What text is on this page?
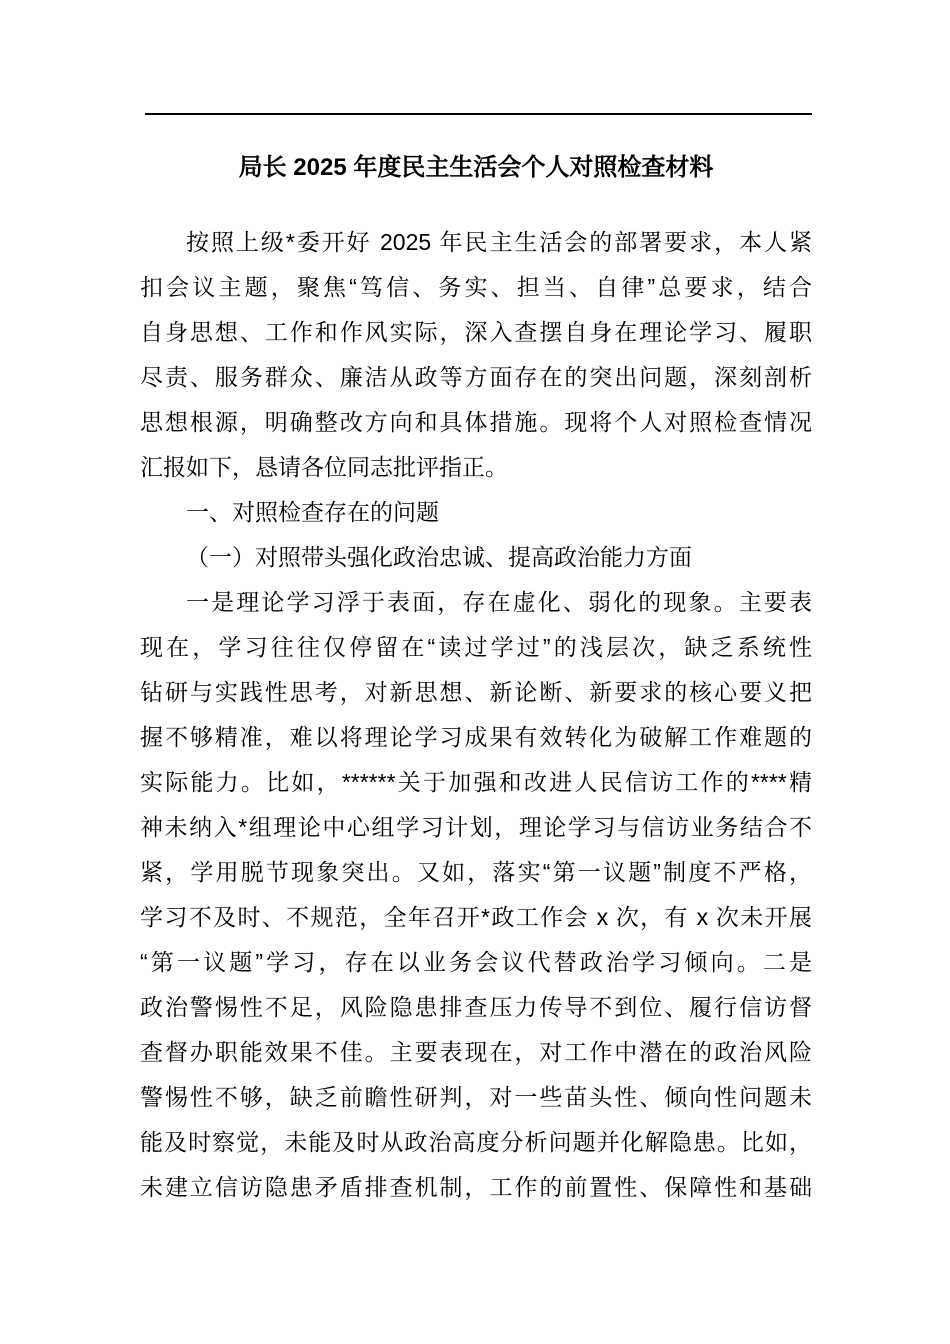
局长 2025 年度民主生活会个人对照检查材料
按照上级*委开好 2025 年民主生活会的部署要求，本人紧
扣会议主题，聚焦“笃信、务实、担当、自律”总要求，结合
自身思想、工作和作风实际，深入查摆自身在理论学习、履职
尽责、服务群众、廉洁从政等方面存在的突出问题，深刻剖析
思想根源，明确整改方向和具体措施。现将个人对照检查情况
汇报如下，恳请各位同志批评指正。
一、对照检查存在的问题
（一）对照带头强化政治忠诚、提高政治能力方面
一是理论学习浮于表面，存在虚化、弱化的现象。主要表
现在，学习往往仅停留在“读过学过”的浅层次，缺乏系统性
钻研与实践性思考，对新思想、新论断、新要求的核心要义把
握不够精准，难以将理论学习成果有效转化为破解工作难题的
实际能力。比如，******关于加强和改进人民信访工作的****精
神未纳入*组理论中心组学习计划，理论学习与信访业务结合不
紧，学用脱节现象突出。又如，落实“第一议题”制度不严格，
学习不及时、不规范，全年召开*政工作会 x 次，有 x 次未开展
“第一议题”学习，存在以业务会议代替政治学习倾向。二是
政治警惕性不足，风险隐患排查压力传导不到位、履行信访督
查督办职能效果不佳。主要表现在，对工作中潜在的政治风险
警惕性不够，缺乏前瞻性研判，对一些苗头性、倾向性问题未
能及时察觉，未能及时从政治高度分析问题并化解隐患。比如，
未建立信访隐患矛盾排查机制，工作的前置性、保障性和基础
